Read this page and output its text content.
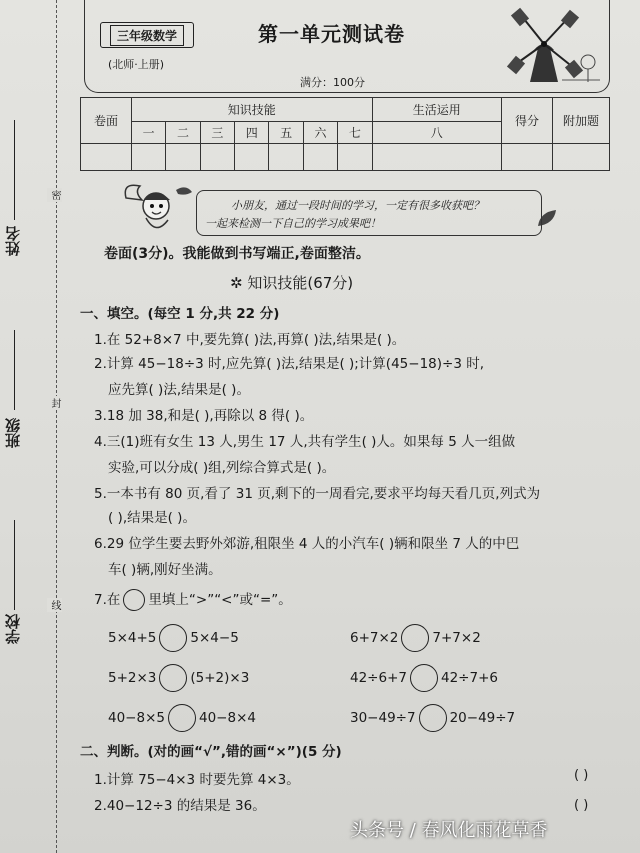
姓名
班级
学校
密
封
线
三年级数学
(北师·上册)
第一单元测试卷
满分：100分
卷面	知识技能							生活运用	得分	附加题
	一	二	三	四	五	六	七	八		

小朋友，通过一段时间的学习，一定有很多收获吧？
一起来检测一下自己的学习成果吧！
卷面(3分)。我能做到书写端正,卷面整洁。
✲ 知识技能(67分)
一、填空。(每空 1 分,共 22 分)
1.在 52+8×7 中,要先算( )法,再算( )法,结果是( )。
2.计算 45−18÷3 时,应先算( )法,结果是( );计算(45−18)÷3 时,
应先算( )法,结果是( )。
3.18 加 38,和是( ),再除以 8 得( )。
4.三(1)班有女生 13 人,男生 17 人,共有学生( )人。如果每 5 人一组做
实验,可以分成( )组,列综合算式是( )。
5.一本书有 80 页,看了 31 页,剩下的一周看完,要求平均每天看几页,列式为
( ),结果是( )。
6.29 位学生要去野外郊游,租限坐 4 人的小汽车( )辆和限坐 7 人的中巴
车( )辆,刚好坐满。
7.在 里填上“>”“<”或“=”。
5×4+5	5×4−5	6+7×2	7+7×2
5+2×3	(5+2)×3	42÷6+7	42÷7+6
40−8×5	40−8×4	30−49÷7	20−49÷7
二、判断。(对的画“√”,错的画“×”)(5 分)
1.计算 75−4×3 时要先算 4×3。	( )
2.40−12÷3 的结果是 36。	( )
头条号 / 春风化雨花草香
